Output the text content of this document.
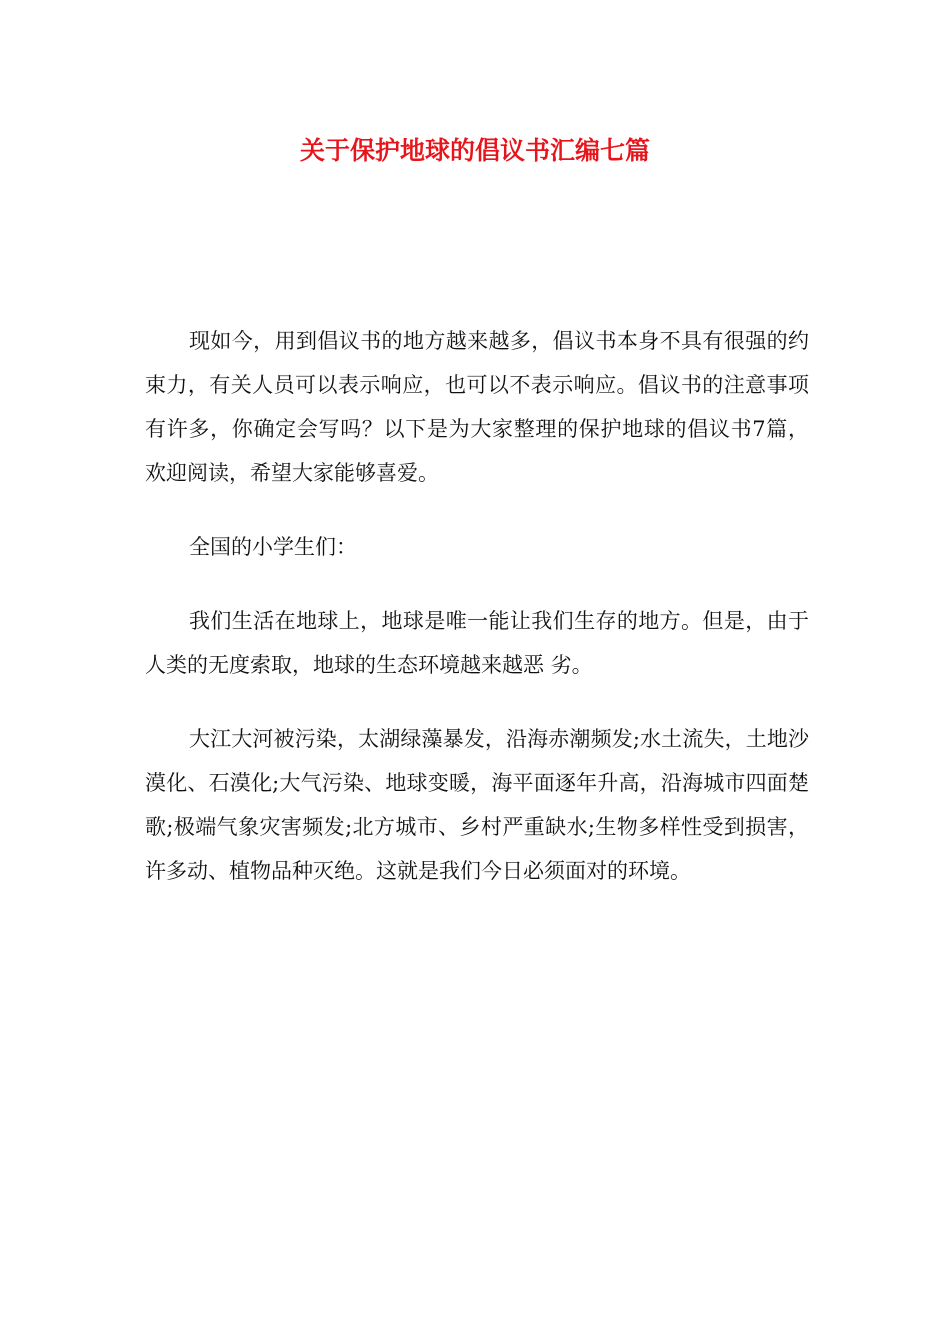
关于保护地球的倡议书汇编七篇

现如今，用到倡议书的地方越来越多，倡议书本身不具有很强的约束力，有关人员可以表示响应，也可以不表示响应。倡议书的注意事项有许多，你确定会写吗？以下是为大家整理的保护地球的倡议书7篇，欢迎阅读，希望大家能够喜爱。

全国的小学生们：

我们生活在地球上，地球是唯一能让我们生存的地方。但是，由于人类的无度索取，地球的生态环境越来越恶 劣。

大江大河被污染，太湖绿藻暴发，沿海赤潮频发;水土流失，土地沙漠化、石漠化;大气污染、地球变暖，海平面逐年升高，沿海城市四面楚歌;极端气象灾害频发;北方城市、乡村严重缺水;生物多样性受到损害，许多动、植物品种灭绝。这就是我们今日必须面对的环境。
